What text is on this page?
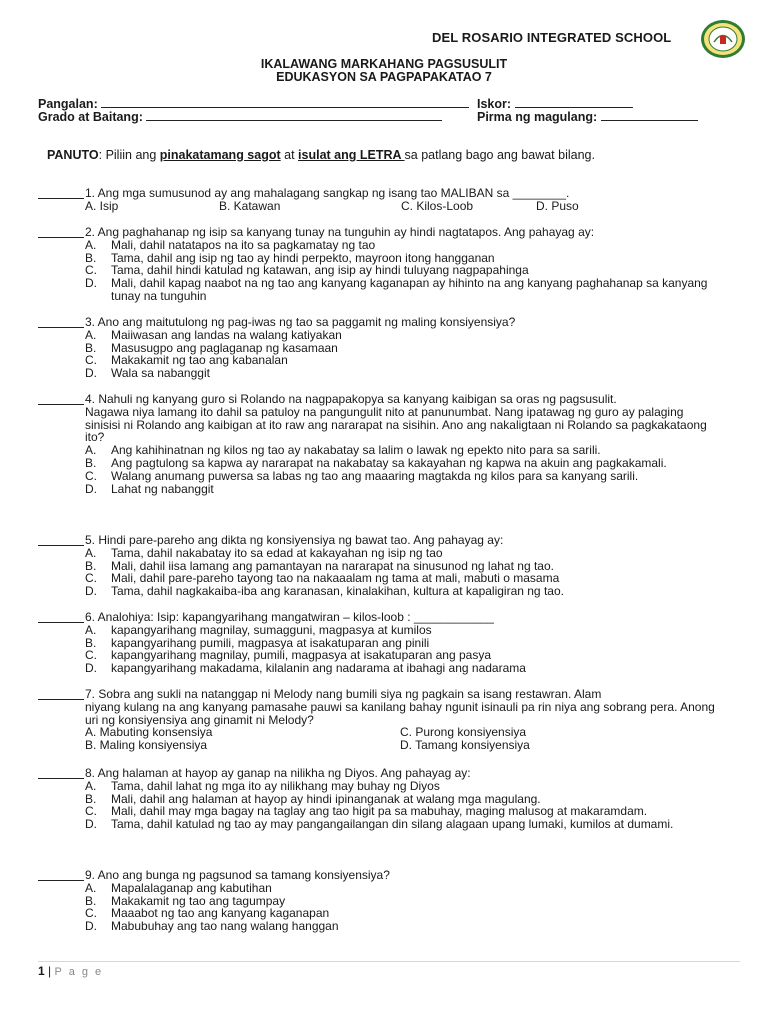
DEL ROSARIO INTEGRATED SCHOOL
IKALAWANG MARKAHANG PAGSUSULIT
EDUKASYON SA PAGPAPAKATAO 7
Pangalan:	Iskor:
Grado at Baitang:	Pirma ng magulang:
PANUTO: Piliin ang pinakatamang sagot at isulat ang LETRA sa patlang bago ang bawat bilang.
1. Ang mga sumusunod ay ang mahalagang sangkap ng isang tao MALIBAN sa ________.
A. Isip	B. Katawan	C. Kilos-Loob	D. Puso
2. Ang paghahanap ng isip sa kanyang tunay na tunguhin ay hindi nagtatapos. Ang pahayag ay:
A.	Mali, dahil natatapos na ito sa pagkamatay ng tao
B.	Tama, dahil ang isip ng tao ay hindi perpekto, mayroon itong hangganan
C.	Tama, dahil hindi katulad ng katawan, ang isip ay hindi tuluyang nagpapahinga
D.	Mali, dahil kapag naabot na ng tao ang kanyang kaganapan ay hihinto na ang kanyang paghahanap sa kanyang tunay na tunguhin
3. Ano ang maitutulong ng pag-iwas ng tao sa paggamit ng maling konsiyensiya?
A.	Maiiwasan ang landas na walang katiyakan
B.	Masusugpo ang paglaganap ng kasamaan
C.	Makakamit ng tao ang kabanalan
D.	Wala sa nabanggit
4. Nahuli ng kanyang guro si Rolando na nagpapakopya sa kanyang kaibigan sa oras ng pagsusulit.
Nagawa niya lamang ito dahil sa patuloy na pangungulit nito at panunumbat. Nang ipatawag ng guro ay palaging sinisisi ni Rolando ang kaibigan at ito raw ang nararapat na sisihin. Ano ang nakaligtaan ni Rolando sa pagkakataong ito?
A.	Ang kahihinatnan ng kilos ng tao ay nakabatay sa lalim o lawak ng epekto nito para sa sarili.
B.	Ang pagtulong sa kapwa ay nararapat na nakabatay sa kakayahan ng kapwa na akuin ang pagkakamali.
C.	Walang anumang puwersa sa labas ng tao ang maaaring magtakda ng kilos para sa kanyang sarili.
D.	Lahat ng nabanggit
5. Hindi pare-pareho ang dikta ng konsiyensiya ng bawat tao. Ang pahayag ay:
A.	Tama, dahil nakabatay ito sa edad at kakayahan ng isip ng tao
B.	Mali, dahil iisa lamang ang pamantayan na nararapat na sinusunod ng lahat ng tao.
C.	Mali, dahil pare-pareho tayong tao na nakaaalam ng tama at mali, mabuti o masama
D.	Tama, dahil nagkakaiba-iba ang karanasan, kinalakihan, kultura at kapaligiran ng tao.
6. Analohiya: Isip: kapangyarihang mangatwiran – kilos-loob : ____________
A.	kapangyarihang magnilay, sumagguni, magpasya at kumilos
B.	kapangyarihang pumili, magpasya at isakatuparan ang pinili
C.	kapangyarihang magnilay, pumili, magpasya at isakatuparan ang pasya
D.	kapangyarihang makadama, kilalanin ang nadarama at ibahagi ang nadarama
7. Sobra ang sukli na natanggap ni Melody nang bumili siya ng pagkain sa isang restawran. Alam
niyang kulang na ang kanyang pamasahe pauwi sa kanilang bahay ngunit isinauli pa rin niya ang sobrang pera. Anong uri ng konsiyensiya ang ginamit ni Melody?
A. Mabuting konsensiya	C. Purong konsiyensiya
B. Maling konsiyensiya	D. Tamang konsiyensiya
8. Ang halaman at hayop ay ganap na nilikha ng Diyos. Ang pahayag ay:
A.	Tama, dahil lahat ng mga ito ay nilikhang may buhay ng Diyos
B.	Mali, dahil ang halaman at hayop ay hindi ipinanganak at walang mga magulang.
C.	Mali, dahil may mga bagay na taglay ang tao higit pa sa mabuhay, maging malusog at makaramdam.
D.	Tama, dahil katulad ng tao ay may pangangailangan din silang alagaan upang lumaki, kumilos at dumami.
9. Ano ang bunga ng pagsunod sa tamang konsiyensiya?
A.	Mapalalaganap ang kabutihan
B.	Makakamit ng tao ang tagumpay
C.	Maaabot ng tao ang kanyang kaganapan
D.	Mabubuhay ang tao nang walang hanggan
1 | P a g e
